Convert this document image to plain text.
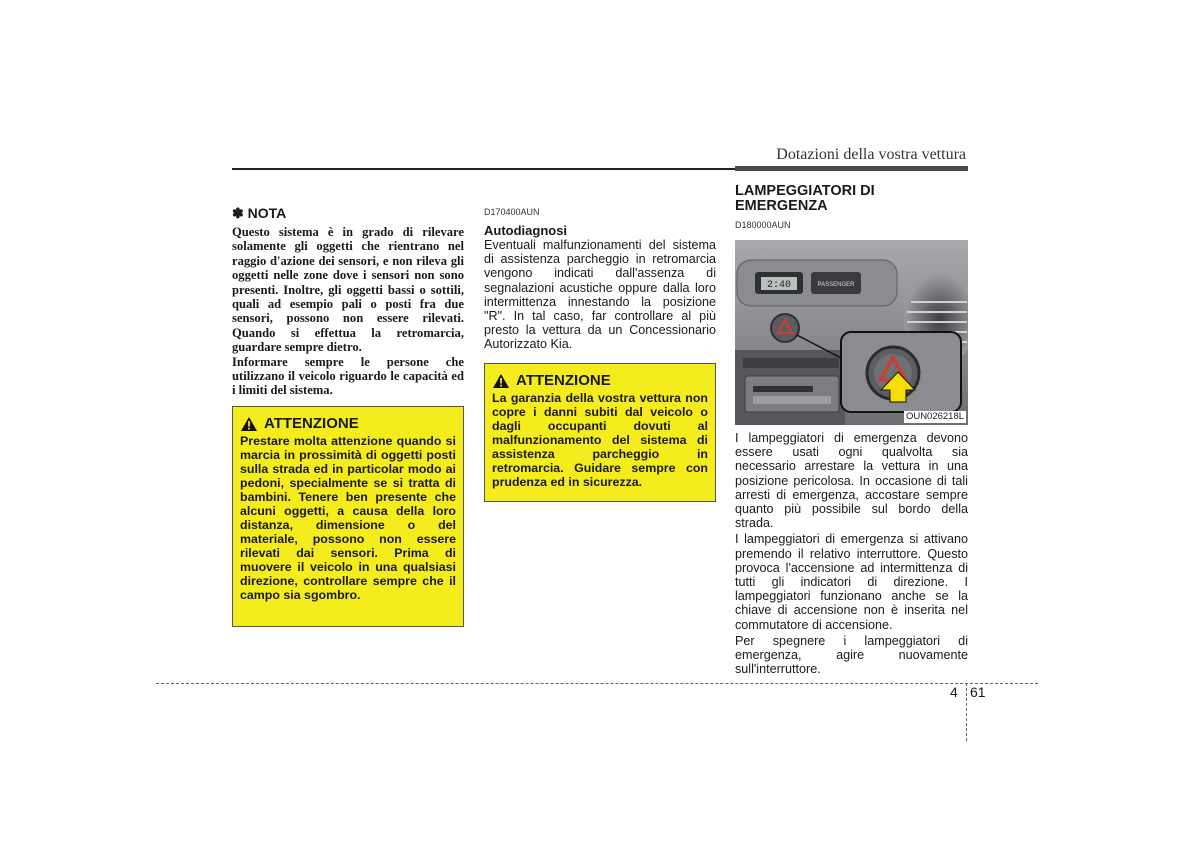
Dotazioni della vostra vettura
✽ NOTA

Questo sistema è in grado di rilevare solamente gli oggetti che rientrano nel raggio d'azione dei sensori, e non rileva gli oggetti nelle zone dove i sensori non sono presenti. Inoltre, gli oggetti bassi o sottili, quali ad esempio pali o posti fra due sensori, possono non essere rilevati. Quando si effettua la retromarcia, guardare sempre dietro.

Informare sempre le persone che utilizzano il veicolo riguardo le capacità ed i limiti del sistema.

ATTENZIONE
Prestare molta attenzione quando si marcia in prossimità di oggetti posti sulla strada ed in particolar modo ai pedoni, specialmente se si tratta di bambini. Tenere ben presente che alcuni oggetti, a causa della loro distanza, dimensione o del materiale, possono non essere rilevati dai sensori. Prima di muovere il veicolo in una qualsiasi direzione, controllare sempre che il campo sia sgombro.
D170400AUN
Autodiagnosi
Eventuali malfunzionamenti del sistema di assistenza parcheggio in retromarcia vengono indicati dall'assenza di segnalazioni acustiche oppure dalla loro intermittenza innestando la posizione "R". In tal caso, far controllare al più presto la vettura da un Concessionario Autorizzato Kia.
ATTENZIONE
La garanzia della vostra vettura non copre i danni subiti dal veicolo o dagli occupanti dovuti al malfunzionamento del sistema di assistenza parcheggio in retromarcia. Guidare sempre con prudenza ed in sicurezza.
LAMPEGGIATORI DI EMERGENZA
D180000AUN
2:40	PASSENGER
OUN026218L

I lampeggiatori di emergenza devono essere usati ogni qualvolta sia necessario arrestare la vettura in una posizione pericolosa. In occasione di tali arresti di emergenza, accostare sempre quanto più possibile sul bordo della strada.

I lampeggiatori di emergenza si attivano premendo il relativo interruttore. Questo provoca l'accensione ad intermittenza di tutti gli indicatori di direzione. I lampeggiatori funzionano anche se la chiave di accensione non è inserita nel commutatore di accensione.

Per spegnere i lampeggiatori di emergenza, agire nuovamente sull'interruttore.

4 61
